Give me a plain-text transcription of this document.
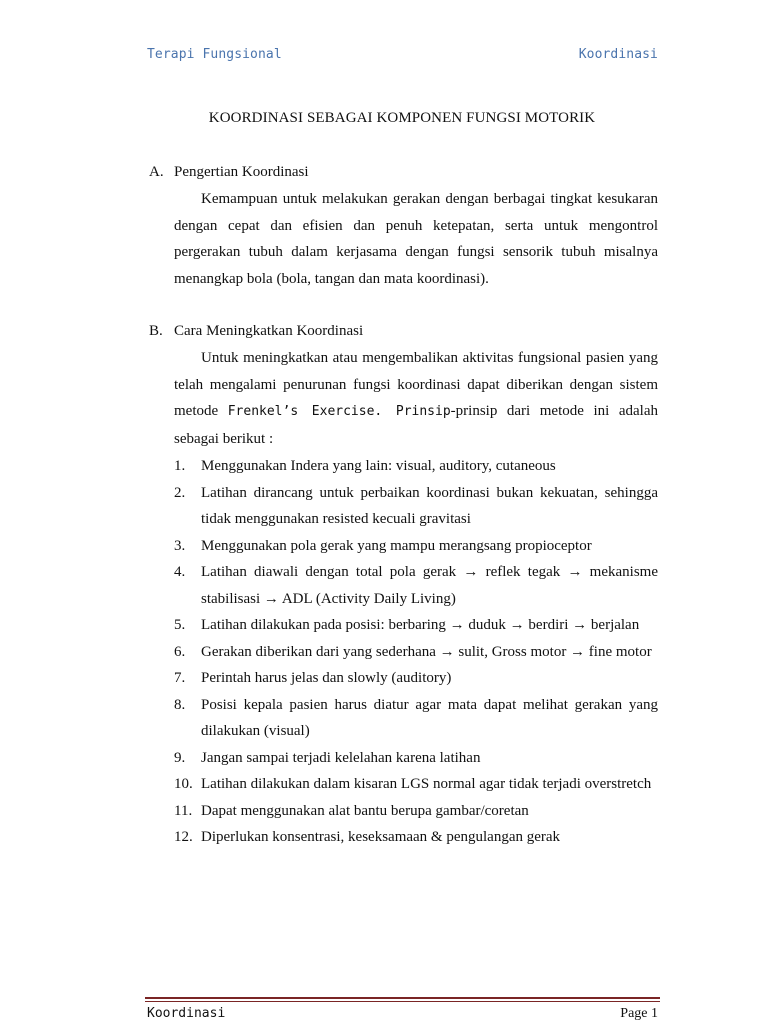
Terapi Fungsional	Koordinasi
KOORDINASI SEBAGAI KOMPONEN FUNGSI MOTORIK
A. Pengertian Koordinasi
Kemampuan untuk melakukan gerakan dengan berbagai tingkat kesukaran dengan cepat dan efisien dan penuh ketepatan, serta untuk mengontrol pergerakan tubuh dalam kerjasama dengan fungsi sensorik tubuh misalnya menangkap bola (bola, tangan dan mata koordinasi).
B. Cara Meningkatkan Koordinasi
Untuk meningkatkan atau mengembalikan aktivitas fungsional pasien yang telah mengalami penurunan fungsi koordinasi dapat diberikan dengan sistem metode Frenkel’s Exercise. Prinsip-prinsip dari metode ini adalah sebagai berikut :
1. Menggunakan Indera yang lain: visual, auditory, cutaneous
2. Latihan dirancang untuk perbaikan koordinasi bukan kekuatan, sehingga tidak menggunakan resisted kecuali gravitasi
3. Menggunakan pola gerak yang mampu merangsang propioceptor
4. Latihan diawali dengan total pola gerak → reflek tegak → mekanisme stabilisasi → ADL (Activity Daily Living)
5. Latihan dilakukan pada posisi: berbaring → duduk → berdiri → berjalan
6. Gerakan diberikan dari yang sederhana → sulit, Gross motor → fine motor
7. Perintah harus jelas dan slowly (auditory)
8. Posisi kepala pasien harus diatur agar mata dapat melihat gerakan yang dilakukan (visual)
9. Jangan sampai terjadi kelelahan karena latihan
10. Latihan dilakukan dalam kisaran LGS normal agar tidak terjadi overstretch
11. Dapat menggunakan alat bantu berupa gambar/coretan
12. Diperlukan konsentrasi, keseksamaan & pengulangan gerak
Koordinasi	Page 1
